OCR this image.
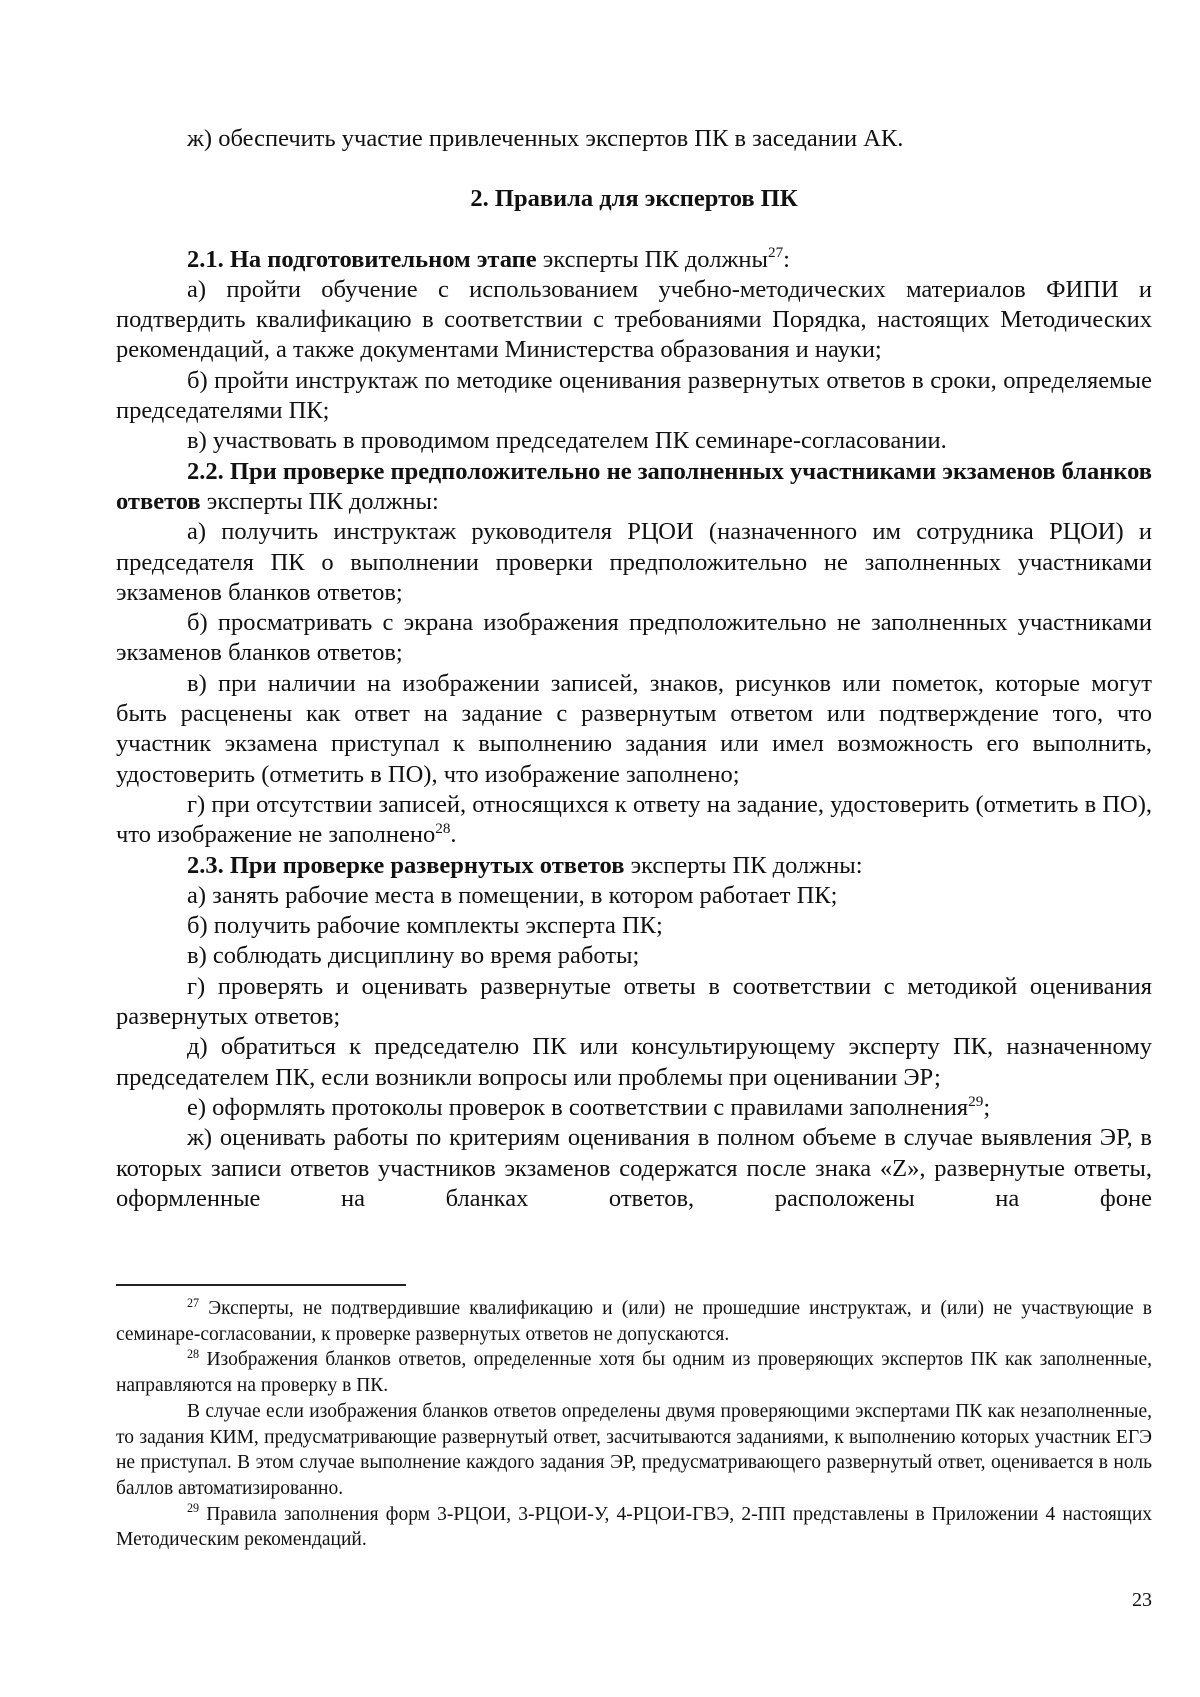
ж) обеспечить участие привлеченных экспертов ПК в заседании АК.

2. Правила для экспертов ПК

2.1. На подготовительном этапе эксперты ПК должны$^{27}$:

а) пройти обучение с использованием учебно-методических материалов ФИПИ и подтвердить квалификацию в соответствии с требованиями Порядка, настоящих Методических рекомендаций, а также документами Министерства образования и науки;

б) пройти инструктаж по методике оценивания развернутых ответов в сроки, определяемые председателями ПК;

в) участвовать в проводимом председателем ПК семинаре-согласовании.

2.2. При проверке предположительно не заполненных участниками экзаменов бланков ответов эксперты ПК должны:

а) получить инструктаж руководителя РЦОИ (назначенного им сотрудника РЦОИ) и председателя ПК о выполнении проверки предположительно не заполненных участниками экзаменов бланков ответов;

б) просматривать с экрана изображения предположительно не заполненных участниками экзаменов бланков ответов;

в) при наличии на изображении записей, знаков, рисунков или пометок, которые могут быть расценены как ответ на задание с развернутым ответом или подтверждение того, что участник экзамена приступал к выполнению задания или имел возможность его выполнить, удостоверить (отметить в ПО), что изображение заполнено;

г) при отсутствии записей, относящихся к ответу на задание, удостоверить (отметить в ПО), что изображение не заполнено$^{28}$.

2.3. При проверке развернутых ответов эксперты ПК должны:

а) занять рабочие места в помещении, в котором работает ПК;

б) получить рабочие комплекты эксперта ПК;

в) соблюдать дисциплину во время работы;

г) проверять и оценивать развернутые ответы в соответствии с методикой оценивания развернутых ответов;

д) обратиться к председателю ПК или консультирующему эксперту ПК, назначенному председателем ПК, если возникли вопросы или проблемы при оценивании ЭР;

е) оформлять протоколы проверок в соответствии с правилами заполнения$^{29}$;

ж) оценивать работы по критериям оценивания в полном объеме в случае выявления ЭР, в которых записи ответов участников экзаменов содержатся после знака «Z», развернутые ответы, оформленные на бланках ответов, расположены на фоне

$^{27}$ Эксперты, не подтвердившие квалификацию и (или) не прошедшие инструктаж, и (или) не участвующие в семинаре-согласовании, к проверке развернутых ответов не допускаются.

$^{28}$ Изображения бланков ответов, определенные хотя бы одним из проверяющих экспертов ПК как заполненные, направляются на проверку в ПК.

В случае если изображения бланков ответов определены двумя проверяющими экспертами ПК как незаполненные, то задания КИМ, предусматривающие развернутый ответ, засчитываются заданиями, к выполнению которых участник ЕГЭ не приступал. В этом случае выполнение каждого задания ЭР, предусматривающего развернутый ответ, оценивается в ноль баллов автоматизированно.

$^{29}$ Правила заполнения форм 3-РЦОИ, 3-РЦОИ-У, 4-РЦОИ-ГВЭ, 2-ПП представлены в Приложении 4 настоящих Методическим рекомендаций.

23
